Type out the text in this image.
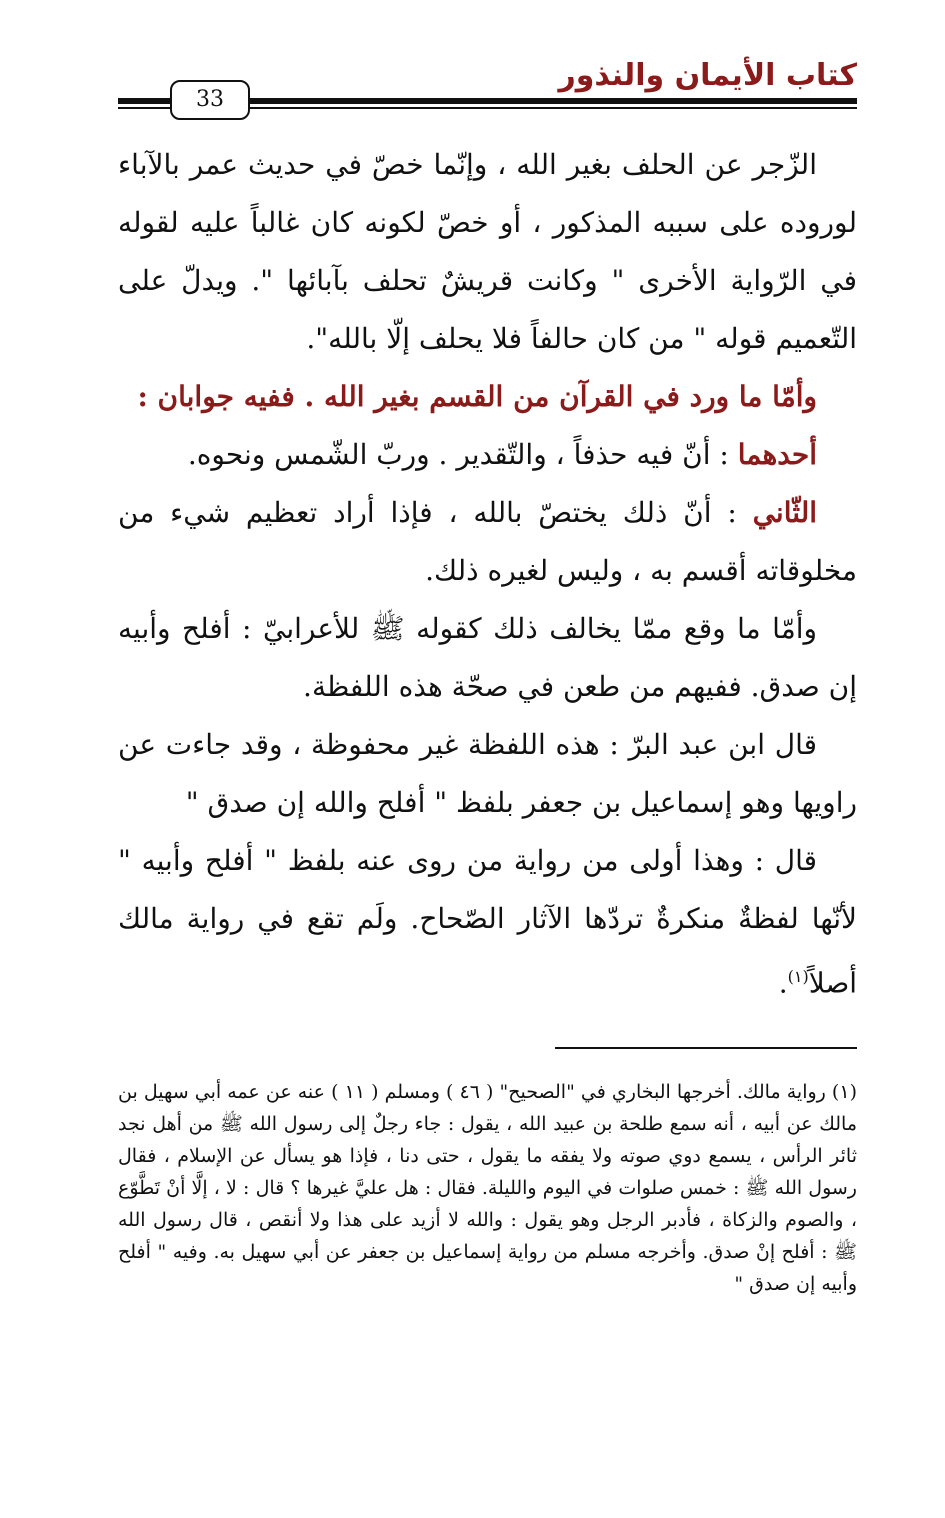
كتاب الأيمان والنذور
33

الزّجر عن الحلف بغير الله ، وإنّما خصّ في حديث عمر بالآباء لوروده على سببه المذكور ، أو خصّ لكونه كان غالباً عليه لقوله في الرّواية الأخرى " وكانت قريشٌ تحلف بآبائها ". ويدلّ على التّعميم قوله " من كان حالفاً فلا يحلف إلّا بالله".

وأمّا ما ورد في القرآن من القسم بغير الله . ففيه جوابان :

أحدهما : أنّ فيه حذفاً ، والتّقدير . وربّ الشّمس ونحوه.

الثّاني : أنّ ذلك يختصّ بالله ، فإذا أراد تعظيم شيء من مخلوقاته أقسم به ، وليس لغيره ذلك.

وأمّا ما وقع ممّا يخالف ذلك كقوله ﷺ للأعرابيّ : أفلح وأبيه إن صدق. ففيهم من طعن في صحّة هذه اللفظة.

قال ابن عبد البرّ : هذه اللفظة غير محفوظة ، وقد جاءت عن راويها وهو إسماعيل بن جعفر بلفظ " أفلح والله إن صدق "

قال : وهذا أولى من رواية من روى عنه بلفظ " أفلح وأبيه " لأنّها لفظةٌ منكرةٌ تردّها الآثار الصّحاح. ولَم تقع في رواية مالك أصلاً$^{(١)}$.

(١) رواية مالك. أخرجها البخاري في "الصحيح" ( ٤٦ ) ومسلم ( ١١ ) عنه عن عمه أبي سهيل بن مالك عن أبيه ، أنه سمع طلحة بن عبيد الله ، يقول : جاء رجلٌ إلى رسول الله ﷺ من أهل نجد ثائر الرأس ، يسمع دوي صوته ولا يفقه ما يقول ، حتى دنا ، فإذا هو يسأل عن الإسلام ، فقال رسول الله ﷺ : خمس صلوات في اليوم والليلة. فقال : هل عليَّ غيرها ؟ قال : لا ، إلَّا أنْ تَطَّوّع ، والصوم والزكاة ، فأدبر الرجل وهو يقول : والله لا أزيد على هذا ولا أنقص ، قال رسول الله ﷺ : أفلح إنْ صدق. وأخرجه مسلم من رواية إسماعيل بن جعفر عن أبي سهيل به. وفيه " أفلح وأبيه إن صدق "
